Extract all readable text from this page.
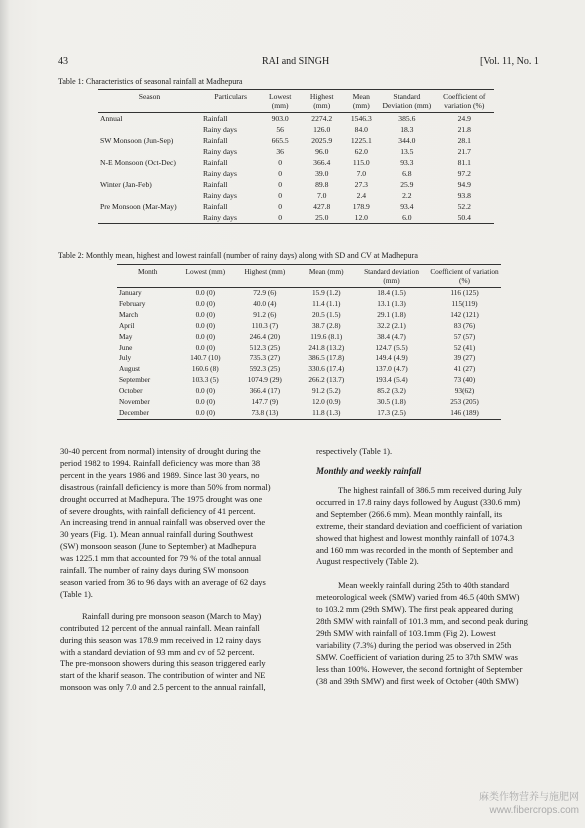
43	RAI and SINGH	[Vol. 11, No. 1
Table 1: Characteristics of seasonal rainfall at Madhepura
Season	Particulars	Lowest (mm)	Highest (mm)	Mean (mm)	Standard Deviation (mm)	Coefficient of variation (%)
Annual	Rainfall	903.0	2274.2	1546.3	385.6	24.9
	Rainy days	56	126.0	84.0	18.3	21.8
SW Monsoon (Jun-Sep)	Rainfall	665.5	2025.9	1225.1	344.0	28.1
	Rainy days	36	96.0	62.0	13.5	21.7
N-E Monsoon (Oct-Dec)	Rainfall	0	366.4	115.0	93.3	81.1
	Rainy days	0	39.0	7.0	6.8	97.2
Winter (Jan-Feb)	Rainfall	0	89.8	27.3	25.9	94.9
	Rainy days	0	7.0	2.4	2.2	93.8
Pre Monsoon (Mar-May)	Rainfall	0	427.8	178.9	93.4	52.2
	Rainy days	0	25.0	12.0	6.0	50.4
Table 2: Monthly mean, highest and lowest rainfall (number of rainy days) along with SD and CV at Madhepura
Month	Lowest (mm)	Highest (mm)	Mean (mm)	Standard deviation (mm)	Coefficient of variation (%)
January	0.0 (0)	72.9 (6)	15.9 (1.2)	18.4 (1.5)	116 (125)
February	0.0 (0)	40.0 (4)	11.4 (1.1)	13.1 (1.3)	115(119)
March	0.0 (0)	91.2 (6)	20.5 (1.5)	29.1 (1.8)	142 (121)
April	0.0 (0)	110.3 (7)	38.7 (2.8)	32.2 (2.1)	83 (76)
May	0.0 (0)	246.4 (20)	119.6 (8.1)	38.4 (4.7)	57 (57)
June	0.0 (0)	512.3 (25)	241.8 (13.2)	124.7 (5.5)	52 (41)
July	140.7 (10)	735.3 (27)	386.5 (17.8)	149.4 (4.9)	39 (27)
August	160.6 (8)	592.3 (25)	330.6 (17.4)	137.0 (4.7)	41 (27)
September	103.3 (5)	1074.9 (29)	266.2 (13.7)	193.4 (5.4)	73 (40)
October	0.0 (0)	366.4 (17)	91.2 (5.2)	85.2 (3.2)	93(62)
November	0.0 (0)	147.7 (9)	12.0 (0.9)	30.5 (1.8)	253 (205)
December	0.0 (0)	73.8 (13)	11.8 (1.3)	17.3 (2.5)	146 (189)
30-40 percent from normal) intensity of drought during the
period 1982 to 1994. Rainfall deficiency was more than 38
percent in the years 1986 and 1989. Since last 30 years, no
disastrous (rainfall deficiency is more than 50% from normal)
drought occurred at Madhepura. The 1975 drought was one
of severe droughts, with rainfall deficiency of 41 percent.
An increasing trend in annual rainfall was observed over the
30 years (Fig. 1). Mean annual rainfall during Southwest
(SW) monsoon season (June to September) at Madhepura
was 1225.1 mm that accounted for 79 % of the total annual
rainfall. The number of rainy days during SW monsoon
season varied from 36 to 96 days with an average of 62 days
(Table 1).
Rainfall during pre monsoon season (March to May)
contributed 12 percent of the annual rainfall. Mean rainfall
during this season was 178.9 mm received in 12 rainy days
with a standard deviation of 93 mm and cv of 52 percent.
The pre-monsoon showers during this season triggered early
start of the kharif season. The contribution of winter and NE
monsoon was only 7.0 and 2.5 percent to the annual rainfall,
respectively (Table 1).
Monthly and weekly rainfall
The highest rainfall of 386.5 mm received during July
occurred in 17.8 rainy days followed by August (330.6 mm)
and September (266.6 mm). Mean monthly rainfall, its
extreme, their standard deviation and coefficient of variation
showed that highest and lowest monthly rainfall of 1074.3
and 160 mm was recorded in the month of September and
August respectively (Table 2).
Mean weekly rainfall during 25th to 40th standard
meteorological week (SMW) varied from 46.5 (40th SMW)
to 103.2 mm (29th SMW). The first peak appeared during
28th SMW with rainfall of 101.3 mm, and second peak during
29th SMW with rainfall of 103.1mm (Fig 2). Lowest
variability (7.3%) during the period was observed in 25th
SMW. Coefficient of variation during 25 to 37th SMW was
less than 100%. However, the second fortnight of September
(38 and 39th SMW) and first week of October (40th SMW)
麻类作物营养与施肥网
www.fibercrops.com
